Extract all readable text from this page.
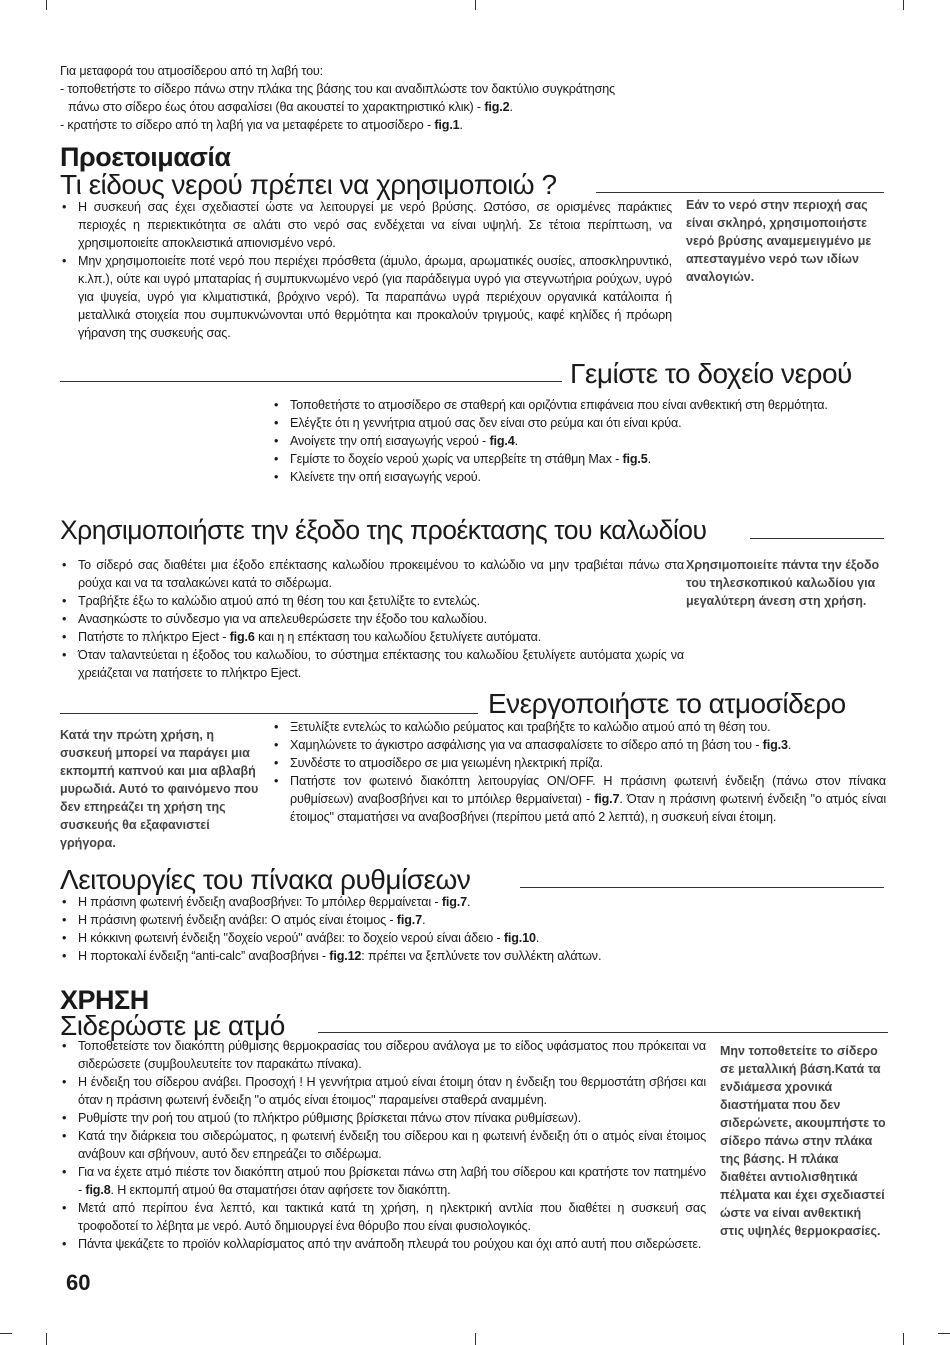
Για μεταφορά του ατμοσίδερου από τη λαβή του:
- τοποθετήστε το σίδερο πάνω στην πλάκα της βάσης του και αναδιπλώστε τον δακτύλιο συγκράτησης
πάνω στο σίδερο έως ότου ασφαλίσει (θα ακουστεί το χαρακτηριστικό κλικ) - fig.2.
- κρατήστε το σίδερο από τη λαβή για να μεταφέρετε το ατμοσίδερο - fig.1.
Προετοιμασία
Τι είδους νερού πρέπει να χρησιμοποιώ ?
• Η συσκευή σας έχει σχεδιαστεί ώστε να λειτουργεί με νερό βρύσης. Ωστόσο, σε ορισμένες παράκτιες περιοχές η περιεκτικότητα σε αλάτι στο νερό σας ενδέχεται να είναι υψηλή. Σε τέτοια περίπτωση, να χρησιμοποιείτε αποκλειστικά απιονισμένο νερό.
• Μην χρησιμοποιείτε ποτέ νερό που περιέχει πρόσθετα (άμυλο, άρωμα, αρωματικές ουσίες, αποσκληρυντικό, κ.λπ.), ούτε και υγρό μπαταρίας ή συμπυκνωμένο νερό (για παράδειγμα υγρό για στεγνωτήρια ρούχων, υγρό για ψυγεία, υγρό για κλιματιστικά, βρόχινο νερό). Τα παραπάνω υγρά περιέχουν οργανικά κατάλοιπα ή μεταλλικά στοιχεία που συμπυκνώνονται υπό θερμότητα και προκαλούν τριγμούς, καφέ κηλίδες ή πρόωρη γήρανση της συσκευής σας.
Εάν το νερό στην περιοχή σας είναι σκληρό, χρησιμοποιήστε νερό βρύσης αναμεμειγμένο με απεσταγμένο νερό των ιδίων αναλογιών.
Γεμίστε το δοχείο νερού
• Τοποθετήστε το ατμοσίδερο σε σταθερή και οριζόντια επιφάνεια που είναι ανθεκτική στη θερμότητα.
• Ελέγξτε ότι η γεννήτρια ατμού σας δεν είναι στο ρεύμα και ότι είναι κρύα.
• Ανοίγετε την οπή εισαγωγής νερού - fig.4.
• Γεμίστε το δοχείο νερού χωρίς να υπερβείτε τη στάθμη Max - fig.5.
• Κλείνετε την οπή εισαγωγής νερού.
Χρησιμοποιήστε την έξοδο της προέκτασης του καλωδίου
• Το σίδερό σας διαθέτει μια έξοδο επέκτασης καλωδίου προκειμένου το καλώδιο να μην τραβιέται πάνω στα ρούχα και να τα τσαλακώνει κατά το σιδέρωμα.
• Τραβήξτε έξω το καλώδιο ατμού από τη θέση του και ξετυλίξτε το εντελώς.
• Ανασηκώστε το σύνδεσμο για να απελευθερώσετε την έξοδο του καλωδίου.
• Πατήστε το πλήκτρο Eject - fig.6 και η η επέκταση του καλωδίου ξετυλίγετε αυτόματα.
• Όταν ταλαντεύεται η έξοδος του καλωδίου, το σύστημα επέκτασης του καλωδίου ξετυλίγετε αυτόματα χωρίς να χρειάζεται να πατήσετε το πλήκτρο Eject.
Χρησιμοποιείτε πάντα την έξοδο του τηλεσκοπικού καλωδίου για μεγαλύτερη άνεση στη χρήση.
Ενεργοποιήστε το ατμοσίδερο
Κατά την πρώτη χρήση, η συσκευή μπορεί να παράγει μια εκπομπή καπνού και μια αβλαβή μυρωδιά. Αυτό το φαινόμενο που δεν επηρεάζει τη χρήση της συσκευής θα εξαφανιστεί γρήγορα.
• Ξετυλίξτε εντελώς το καλώδιο ρεύματος και τραβήξτε το καλώδιο ατμού από τη θέση του.
• Χαμηλώνετε το άγκιστρο ασφάλισης για να απασφαλίσετε το σίδερο από τη βάση του - fig.3.
• Συνδέστε το ατμοσίδερο σε μια γειωμένη ηλεκτρική πρίζα.
• Πατήστε τον φωτεινό διακόπτη λειτουργίας ON/OFF. Η πράσινη φωτεινή ένδειξη (πάνω στον πίνακα ρυθμίσεων) αναβοσβήνει και το μπόιλερ θερμαίνεται) - fig.7. Όταν η πράσινη φωτεινή ένδειξη "ο ατμός είναι έτοιμος" σταματήσει να αναβοσβήνει (περίπου μετά από 2 λεπτά), η συσκευή είναι έτοιμη.
Λειτουργίες του πίνακα ρυθμίσεων
• Η πράσινη φωτεινή ένδειξη αναβοσβήνει: Το μπόιλερ θερμαίνεται - fig.7.
• Η πράσινη φωτεινή ένδειξη ανάβει: Ο ατμός είναι έτοιμος - fig.7.
• Η κόκκινη φωτεινή ένδειξη "δοχείο νερού" ανάβει: το δοχείο νερού είναι άδειο - fig.10.
• Η πορτοκαλί ένδειξη “anti-calc” αναβοσβήνει - fig.12: πρέπει να ξεπλύνετε τον συλλέκτη αλάτων.
ΧΡΗΣΗ
Σιδερώστε με ατμό
• Τοποθετείστε τον διακόπτη ρύθμισης θερμοκρασίας του σίδερου ανάλογα με το είδος υφάσματος που πρόκειται να σιδερώσετε (συμβουλευτείτε τον παρακάτω πίνακα).
• Η ένδειξη του σίδερου ανάβει. Προσοχή ! Η γεννήτρια ατμού είναι έτοιμη όταν η ένδειξη του θερμοστάτη σβήσει και όταν η πράσινη φωτεινή ένδειξη "ο ατμός είναι έτοιμος" παραμείνει σταθερά αναμμένη.
• Ρυθμίστε την ροή του ατμού (το πλήκτρο ρύθμισης βρίσκεται πάνω στον πίνακα ρυθμίσεων).
• Κατά την διάρκεια του σιδερώματος, η φωτεινή ένδειξη του σίδερου και η φωτεινή ένδειξη ότι ο ατμός είναι έτοιμος ανάβουν και σβήνουν, αυτό δεν επηρεάζει το σιδέρωμα.
• Για να έχετε ατμό πιέστε τον διακόπτη ατμού που βρίσκεται πάνω στη λαβή του σίδερου και κρατήστε τον πατημένο - fig.8. Η εκπομπή ατμού θα σταματήσει όταν αφήσετε τον διακόπτη.
• Μετά από περίπου ένα λεπτό, και τακτικά κατά τη χρήση, η ηλεκτρική αντλία που διαθέτει η συσκευή σας τροφοδοτεί το λέβητα με νερό. Αυτό δημιουργεί ένα θόρυβο που είναι φυσιολογικός.
• Πάντα ψεκάζετε το προϊόν κολλαρίσματος από την ανάποδη πλευρά του ρούχου και όχι από αυτή που σιδερώσετε.
Μην τοποθετείτε το σίδερο σε μεταλλική βάση.Κατά τα ενδιάμεσα χρονικά διαστήματα που δεν σιδερώνετε, ακουμπήστε το σίδερο πάνω στην πλάκα της βάσης. Η πλάκα διαθέτει αντιολισθητικά πέλματα και έχει σχεδιαστεί ώστε να είναι ανθεκτική στις υψηλές θερμοκρασίες.
60
